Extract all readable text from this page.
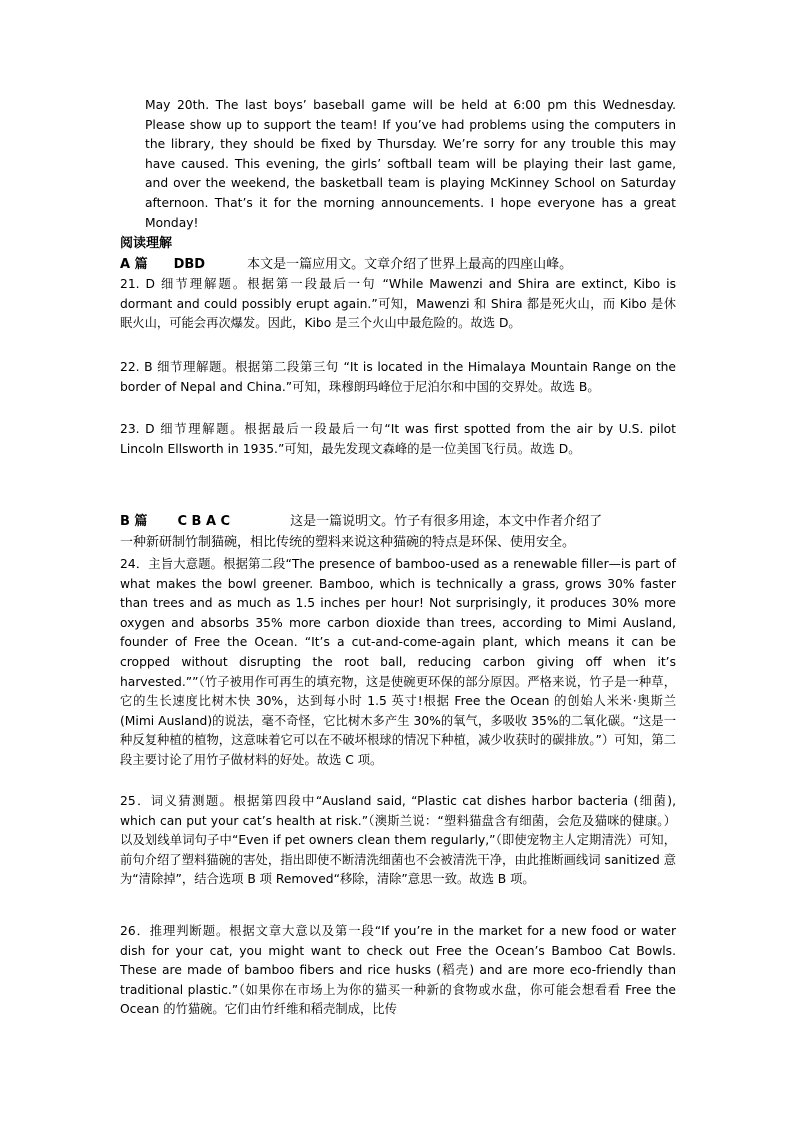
May 20th. The last boys’ baseball game will be held at 6:00 pm this Wednesday. Please show up to support the team! If you’ve had problems using the computers in the library, they should be fixed by Thursday. We’re sorry for any trouble this may have caused. This evening, the girls’ softball team will be playing their last game, and over the weekend, the basketball team is playing McKinney School on Saturday afternoon. That’s it for the morning announcements. I hope everyone has a great Monday!
阅读理解
A 篇 DBD	本文是一篇应用文。文章介绍了世界上最高的四座山峰。
21. D 细节理解题。根据第一段最后一句 “While Mawenzi and Shira are extinct, Kibo is dormant and could possibly erupt again.”可知，Mawenzi 和 Shira 都是死火山，而 Kibo 是休眠火山，可能会再次爆发。因此，Kibo 是三个火山中最危险的。故选 D。
22. B 细节理解题。根据第二段第三句 “It is located in the Himalaya Mountain Range on the border of Nepal and China.”可知，珠穆朗玛峰位于尼泊尔和中国的交界处。故选 B。
23. D 细节理解题。根据最后一段最后一句“It was first spotted from the air by U.S. pilot Lincoln Ellsworth in 1935.”可知，最先发现文森峰的是一位美国飞行员。故选 D。
B 篇 C B A C	这是一篇说明文。竹子有很多用途，本文中作者介绍了
一种新研制竹制猫碗，相比传统的塑料来说这种猫碗的特点是环保、使用安全。
24．主旨大意题。根据第二段“The presence of bamboo-used as a renewable filler—is part of what makes the bowl greener. Bamboo, which is technically a grass, grows 30% faster than trees and as much as 1.5 inches per hour! Not surprisingly, it produces 30% more oxygen and absorbs 35% more carbon dioxide than trees, according to Mimi Ausland, founder of Free the Ocean. “It’s a cut-and-come-again plant, which means it can be cropped without disrupting the root ball, reducing carbon giving off when it’s harvested.””（竹子被用作可再生的填充物，这是使碗更环保的部分原因。严格来说，竹子是一种草，它的生长速度比树木快 30%，达到每小时 1.5 英寸!根据 Free the Ocean 的创始人米米·奥斯兰(Mimi Ausland)的说法，毫不奇怪，它比树木多产生 30%的氧气，多吸收 35%的二氧化碳。“这是一种反复种植的植物，这意味着它可以在不破坏根球的情况下种植，减少收获时的碳排放。”）可知，第二段主要讨论了用竹子做材料的好处。故选 C 项。
25．词义猜测题。根据第四段中“Ausland said, “Plastic cat dishes harbor bacteria (细菌), which can put your cat’s health at risk.”（澳斯兰说：“塑料猫盘含有细菌，会危及猫咪的健康。）以及划线单词句子中“Even if pet owners clean them regularly,”（即使宠物主人定期清洗）可知，前句介绍了塑料猫碗的害处，指出即使不断清洗细菌也不会被清洗干净，由此推断画线词 sanitized 意为“清除掉”，结合选项 B 项 Removed“移除，清除”意思一致。故选 B 项。
26．推理判断题。根据文章大意以及第一段“If you’re in the market for a new food or water dish for your cat, you might want to check out Free the Ocean’s Bamboo Cat Bowls. These are made of bamboo fibers and rice husks (稻壳) and are more eco-friendly than traditional plastic.”（如果你在市场上为你的猫买一种新的食物或水盘，你可能会想看看 Free the Ocean 的竹猫碗。它们由竹纤维和稻壳制成，比传
